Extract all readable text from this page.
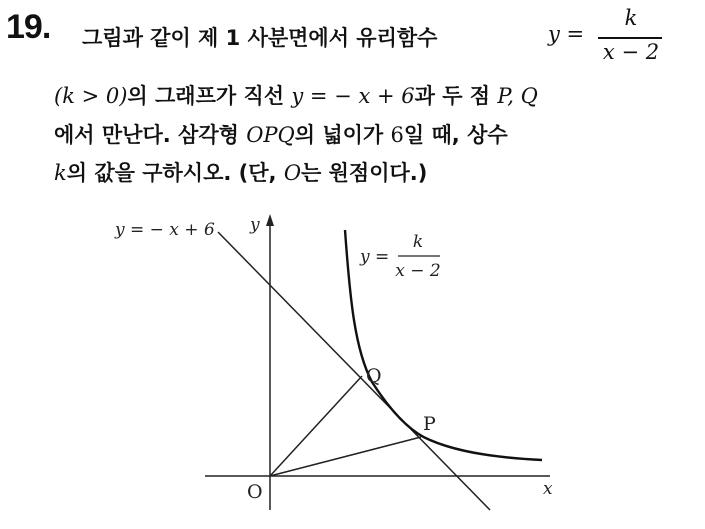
19. 그림과 같이 제 1 사분면에서 유리함수	y =
k
x − 2
(k > 0)의 그래프가 직선 y = − x + 6과 두 점 P, Q
에서 만난다. 삼각형 OPQ의 넓이가 6일 때, 상수
k의 값을 구하시오. (단, O는 원점이다.)
y = − x + 6 y
x
O
Q
P
y =
k
x − 2
